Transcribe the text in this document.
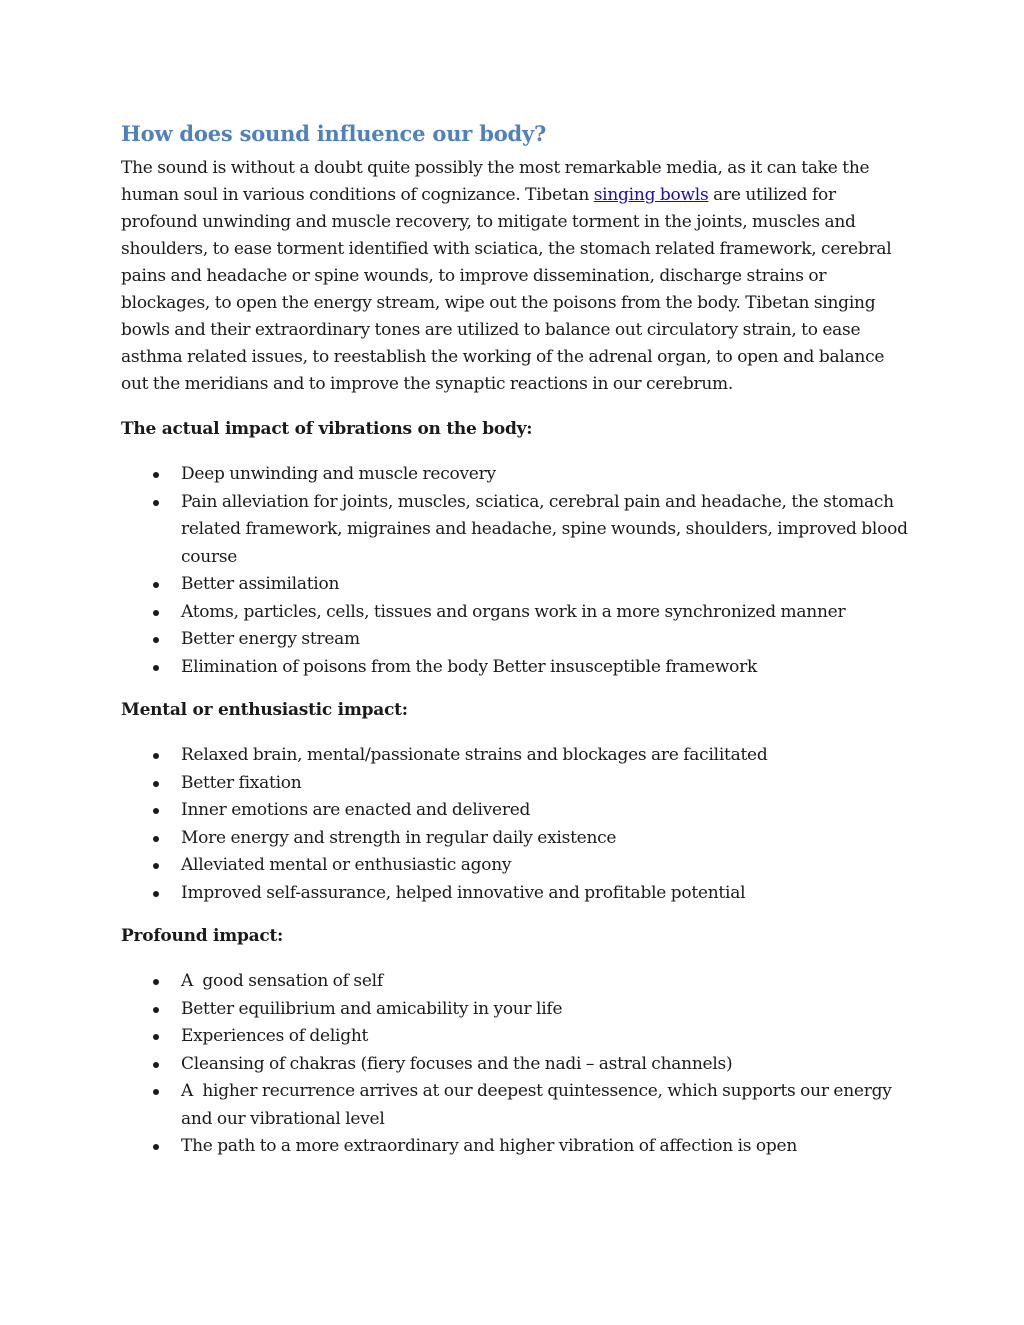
How does sound influence our body?

The sound is without a doubt quite possibly the most remarkable media, as it can take the human soul in various conditions of cognizance. Tibetan singing bowls are utilized for profound unwinding and muscle recovery, to mitigate torment in the joints, muscles and shoulders, to ease torment identified with sciatica, the stomach related framework, cerebral pains and headache or spine wounds, to improve dissemination, discharge strains or blockages, to open the energy stream, wipe out the poisons from the body. Tibetan singing bowls and their extraordinary tones are utilized to balance out circulatory strain, to ease asthma related issues, to reestablish the working of the adrenal organ, to open and balance out the meridians and to improve the synaptic reactions in our cerebrum.

The actual impact of vibrations on the body:
Deep unwinding and muscle recovery
Pain alleviation for joints, muscles, sciatica, cerebral pain and headache, the stomach related framework, migraines and headache, spine wounds, shoulders, improved blood course
Better assimilation
Atoms, particles, cells, tissues and organs work in a more synchronized manner
Better energy stream
Elimination of poisons from the body Better insusceptible framework
Mental or enthusiastic impact:
Relaxed brain, mental/passionate strains and blockages are facilitated
Better fixation
Inner emotions are enacted and delivered
More energy and strength in regular daily existence
Alleviated mental or enthusiastic agony
Improved self-assurance, helped innovative and profitable potential
Profound impact:
A  good sensation of self
Better equilibrium and amicability in your life
Experiences of delight
Cleansing of chakras (fiery focuses and the nadi – astral channels)
A  higher recurrence arrives at our deepest quintessence, which supports our energy and our vibrational level
The path to a more extraordinary and higher vibration of affection is open
